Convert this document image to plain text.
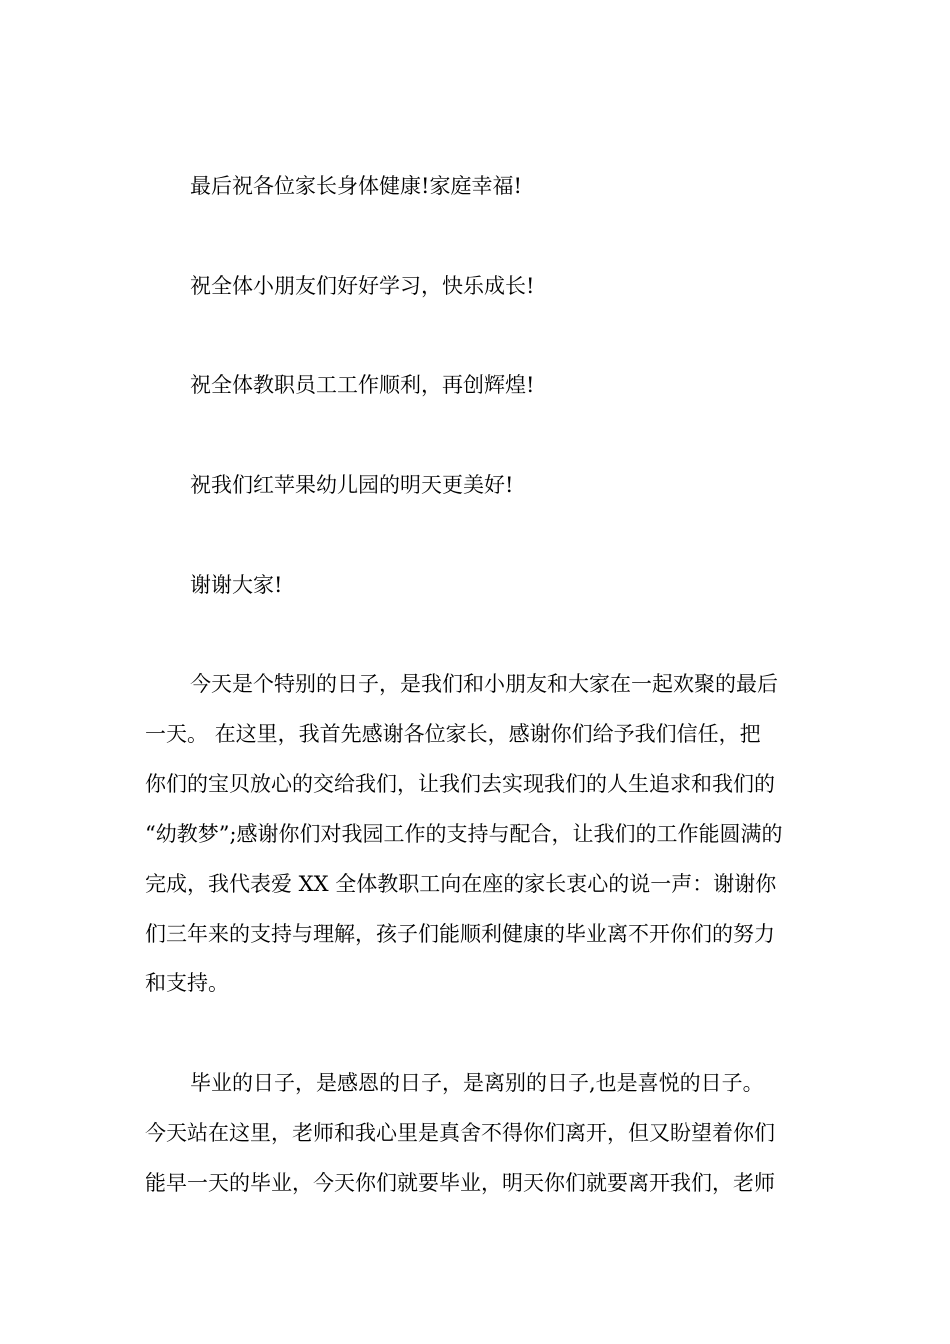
最后祝各位家长身体健康!家庭幸福!
祝全体小朋友们好好学习，快乐成长!
祝全体教职员工工作顺利，再创辉煌!
祝我们红苹果幼儿园的明天更美好!
谢谢大家!
今天是个特别的日子，是我们和小朋友和大家在一起欢聚的最后
一天。 在这里，我首先感谢各位家长，感谢你们给予我们信任，把
你们的宝贝放心的交给我们，让我们去实现我们的人生追求和我们的
“幼教梦”;感谢你们对我园工作的支持与配合，让我们的工作能圆满的
完成，我代表爱 XX 全体教职工向在座的家长衷心的说一声：谢谢你
们三年来的支持与理解，孩子们能顺利健康的毕业离不开你们的努力
和支持。
毕业的日子，是感恩的日子，是离别的日子,也是喜悦的日子。
今天站在这里，老师和我心里是真舍不得你们离开，但又盼望着你们
能早一天的毕业，今天你们就要毕业，明天你们就要离开我们，老师
